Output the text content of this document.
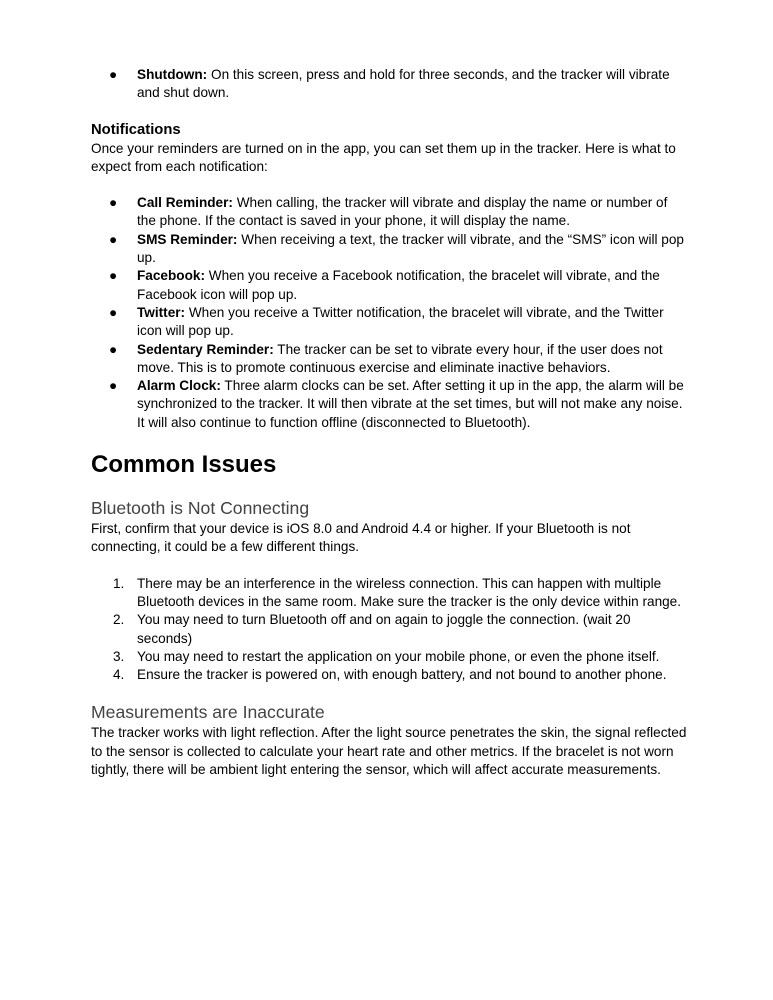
● Shutdown: On this screen, press and hold for three seconds, and the tracker will vibrate and shut down.
Notifications

Once your reminders are turned on in the app, you can set them up in the tracker. Here is what to expect from each notification:

● Call Reminder: When calling, the tracker will vibrate and display the name or number of the phone. If the contact is saved in your phone, it will display the name.
● SMS Reminder: When receiving a text, the tracker will vibrate, and the “SMS” icon will pop up.
● Facebook: When you receive a Facebook notification, the bracelet will vibrate, and the Facebook icon will pop up.
● Twitter: When you receive a Twitter notification, the bracelet will vibrate, and the Twitter icon will pop up.
● Sedentary Reminder: The tracker can be set to vibrate every hour, if the user does not move. This is to promote continuous exercise and eliminate inactive behaviors.
● Alarm Clock: Three alarm clocks can be set. After setting it up in the app, the alarm will be synchronized to the tracker. It will then vibrate at the set times, but will not make any noise. It will also continue to function offline (disconnected to Bluetooth).
Common Issues
Bluetooth is Not Connecting

First, confirm that your device is iOS 8.0 and Android 4.4 or higher. If your Bluetooth is not connecting, it could be a few different things.

1. There may be an interference in the wireless connection. This can happen with multiple Bluetooth devices in the same room. Make sure the tracker is the only device within range.
2. You may need to turn Bluetooth off and on again to joggle the connection. (wait 20 seconds)
3. You may need to restart the application on your mobile phone, or even the phone itself.
4. Ensure the tracker is powered on, with enough battery, and not bound to another phone.
Measurements are Inaccurate

The tracker works with light reflection. After the light source penetrates the skin, the signal reflected to the sensor is collected to calculate your heart rate and other metrics. If the bracelet is not worn tightly, there will be ambient light entering the sensor, which will affect accurate measurements.
